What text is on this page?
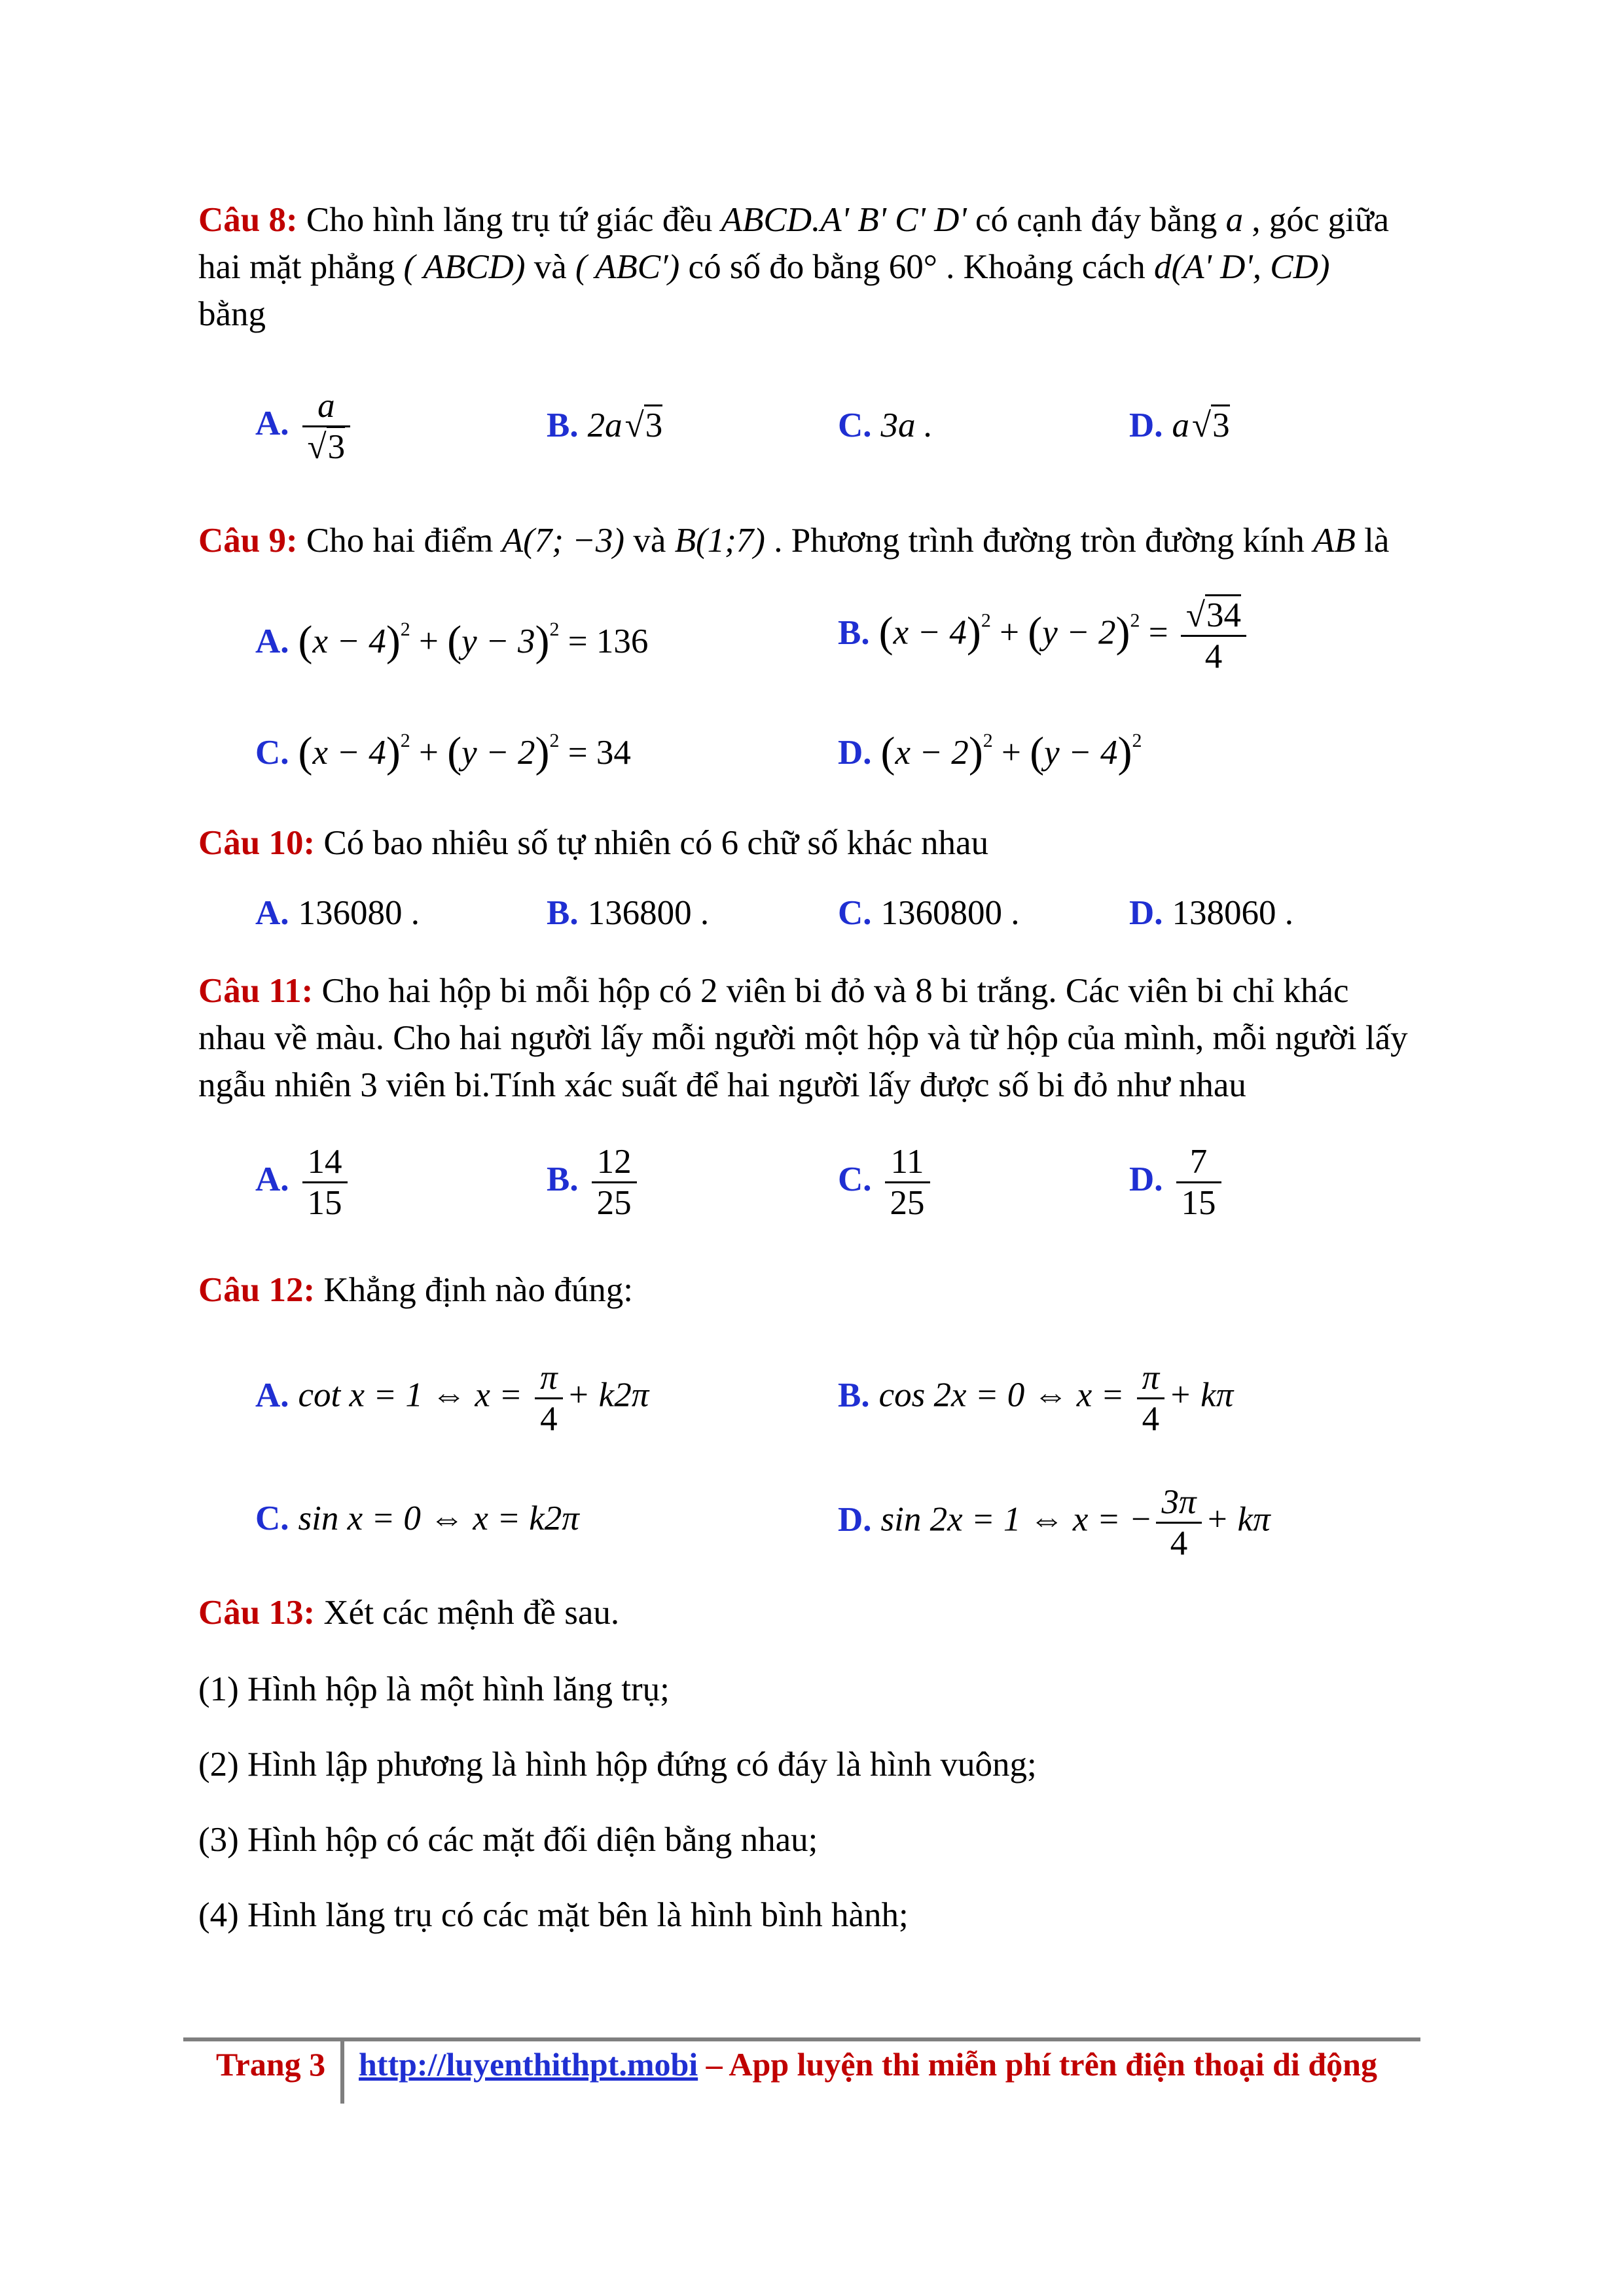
Câu 8: Cho hình lăng trụ tứ giác đều ABCD.A' B' C' D' có cạnh đáy bằng a , góc giữa
hai mặt phẳng ( ABCD) và ( ABC′) có số đo bằng 60° . Khoảng cách d(A' D', CD)
bằng
A. $\frac{a}{√3}$	B. 2a√3	C. 3a .	D. a√3
Câu 9: Cho hai điểm A(7; −3) và B(1;7) . Phương trình đường tròn đường kính AB là
A. $(x - 4)^2 + (y - 3)^2 = 136$	B. $(x - 4)^2 + (y - 2)^2 = \frac{√34}{4}$
C. $(x - 4)^2 + (y - 2)^2 = 34$	D. $(x - 2)^2 + (y - 4)^2$
Câu 10: Có bao nhiêu số tự nhiên có 6 chữ số khác nhau
A. 136080 .	B. 136800 .	C. 1360800 .	D. 138060 .
Câu 11: Cho hai hộp bi mỗi hộp có 2 viên bi đỏ và 8 bi trắng. Các viên bi chỉ khác nhau về màu. Cho hai người lấy mỗi người một hộp và từ hộp của mình, mỗi người lấy ngẫu nhiên 3 viên bi.Tính xác suất để hai người lấy được số bi đỏ như nhau
A. $\frac{14}{15}$	B. $\frac{12}{25}$	C. $\frac{11}{25}$	D. $\frac{7}{15}$
Câu 12: Khẳng định nào đúng:
A. cot x = 1 ⇔ $x = \frac{\pi}{4} + k2\pi$	B. cos 2x = 0 ⇔ $x = \frac{\pi}{4} + k\pi$
C. sin x = 0 ⇔ x = k2π	D. sin 2x = 1 ⇔ x = − $\frac{3\pi}{4} + k\pi$
Câu 13: Xét các mệnh đề sau.
(1) Hình hộp là một hình lăng trụ;
(2) Hình lập phương là hình hộp đứng có đáy là hình vuông;
(3) Hình hộp có các mặt đối diện bằng nhau;
(4) Hình lăng trụ có các mặt bên là hình bình hành;
Trang 3 http://luyenthithpt.mobi – App luyện thi miễn phí trên điện thoại di động
